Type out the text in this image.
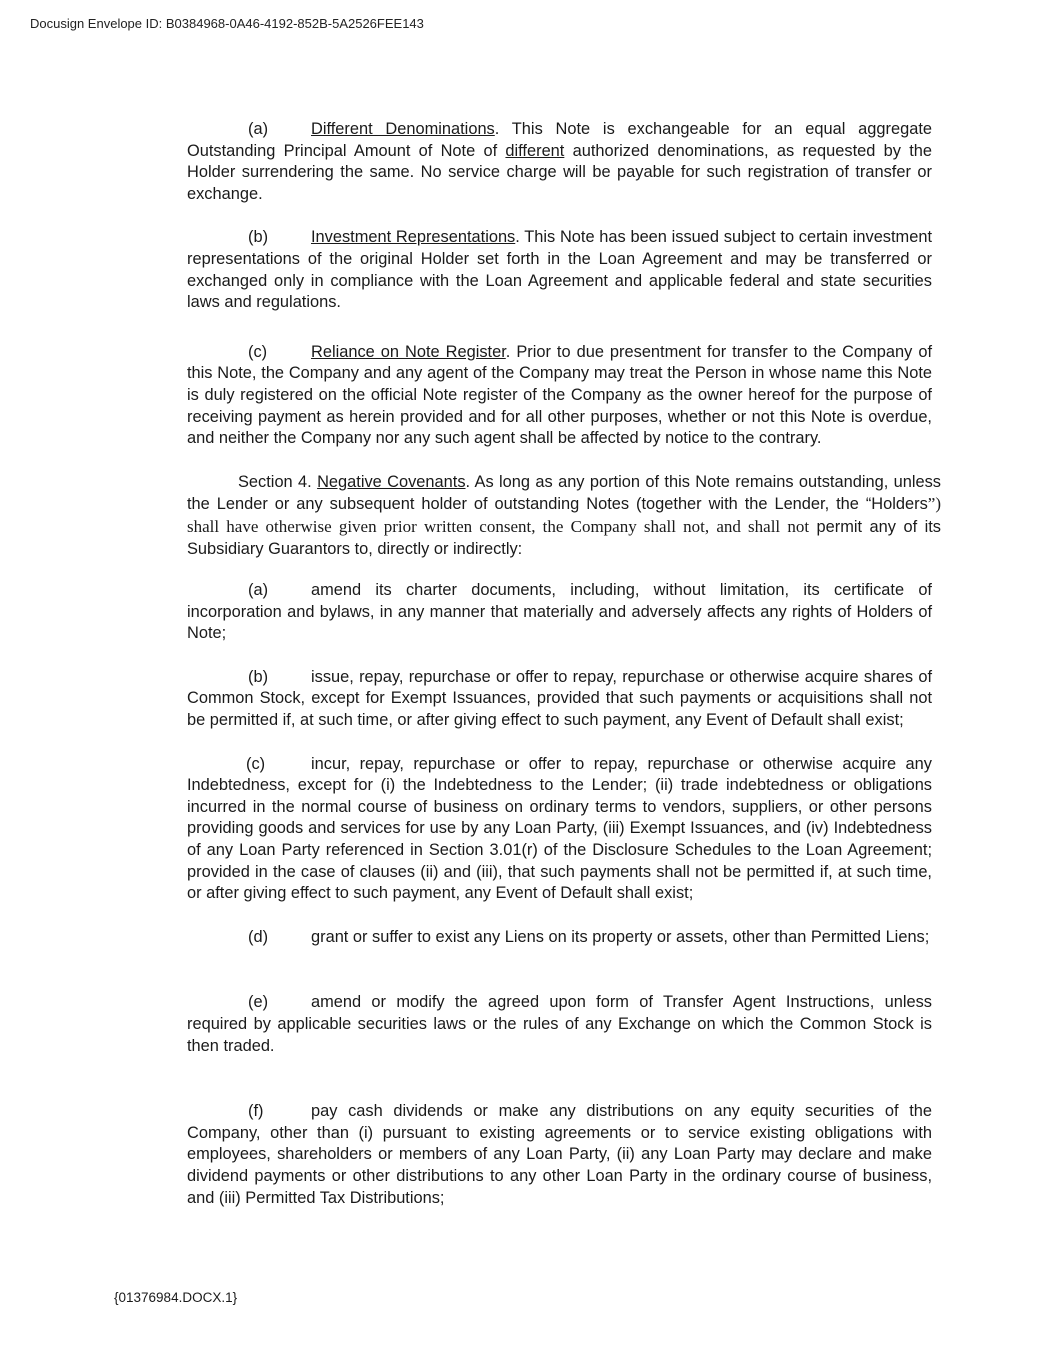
Docusign Envelope ID: B0384968-0A46-4192-852B-5A2526FEE143

(a)	Different Denominations. This Note is exchangeable for an equal aggregate Outstanding Principal Amount of Note of different authorized denominations, as requested by the Holder surrendering the same. No service charge will be payable for such registration of transfer or exchange.

(b)	Investment Representations. This Note has been issued subject to certain investment representations of the original Holder set forth in the Loan Agreement and may be transferred or exchanged only in compliance with the Loan Agreement and applicable federal and state securities laws and regulations.

(c)	Reliance on Note Register. Prior to due presentment for transfer to the Company of this Note, the Company and any agent of the Company may treat the Person in whose name this Note is duly registered on the official Note register of the Company as the owner hereof for the purpose of receiving payment as herein provided and for all other purposes, whether or not this Note is overdue, and neither the Company nor any such agent shall be affected by notice to the contrary.

Section 4. Negative Covenants. As long as any portion of this Note remains outstanding, unless the Lender or any subsequent holder of outstanding Notes (together with the Lender, the “Holders”) shall have otherwise given prior written consent, the Company shall not, and shall not permit any of its Subsidiary Guarantors to, directly or indirectly:

(a)	amend its charter documents, including, without limitation, its certificate of incorporation and bylaws, in any manner that materially and adversely affects any rights of Holders of Note;

(b)	issue, repay, repurchase or offer to repay, repurchase or otherwise acquire shares of Common Stock, except for Exempt Issuances, provided that such payments or acquisitions shall not be permitted if, at such time, or after giving effect to such payment, any Event of Default shall exist;

(c)	incur, repay, repurchase or offer to repay, repurchase or otherwise acquire any Indebtedness, except for (i) the Indebtedness to the Lender; (ii) trade indebtedness or obligations incurred in the normal course of business on ordinary terms to vendors, suppliers, or other persons providing goods and services for use by any Loan Party, (iii) Exempt Issuances, and (iv) Indebtedness of any Loan Party referenced in Section 3.01(r) of the Disclosure Schedules to the Loan Agreement; provided in the case of clauses (ii) and (iii), that such payments shall not be permitted if, at such time, or after giving effect to such payment, any Event of Default shall exist;

(d)	grant or suffer to exist any Liens on its property or assets, other than Permitted Liens;

(e)	amend or modify the agreed upon form of Transfer Agent Instructions, unless required by applicable securities laws or the rules of any Exchange on which the Common Stock is then traded.

(f)	pay cash dividends or make any distributions on any equity securities of the Company, other than (i) pursuant to existing agreements or to service existing obligations with employees, shareholders or members of any Loan Party, (ii) any Loan Party may declare and make dividend payments or other distributions to any other Loan Party in the ordinary course of business, and (iii) Permitted Tax Distributions;

{01376984.DOCX.1}
